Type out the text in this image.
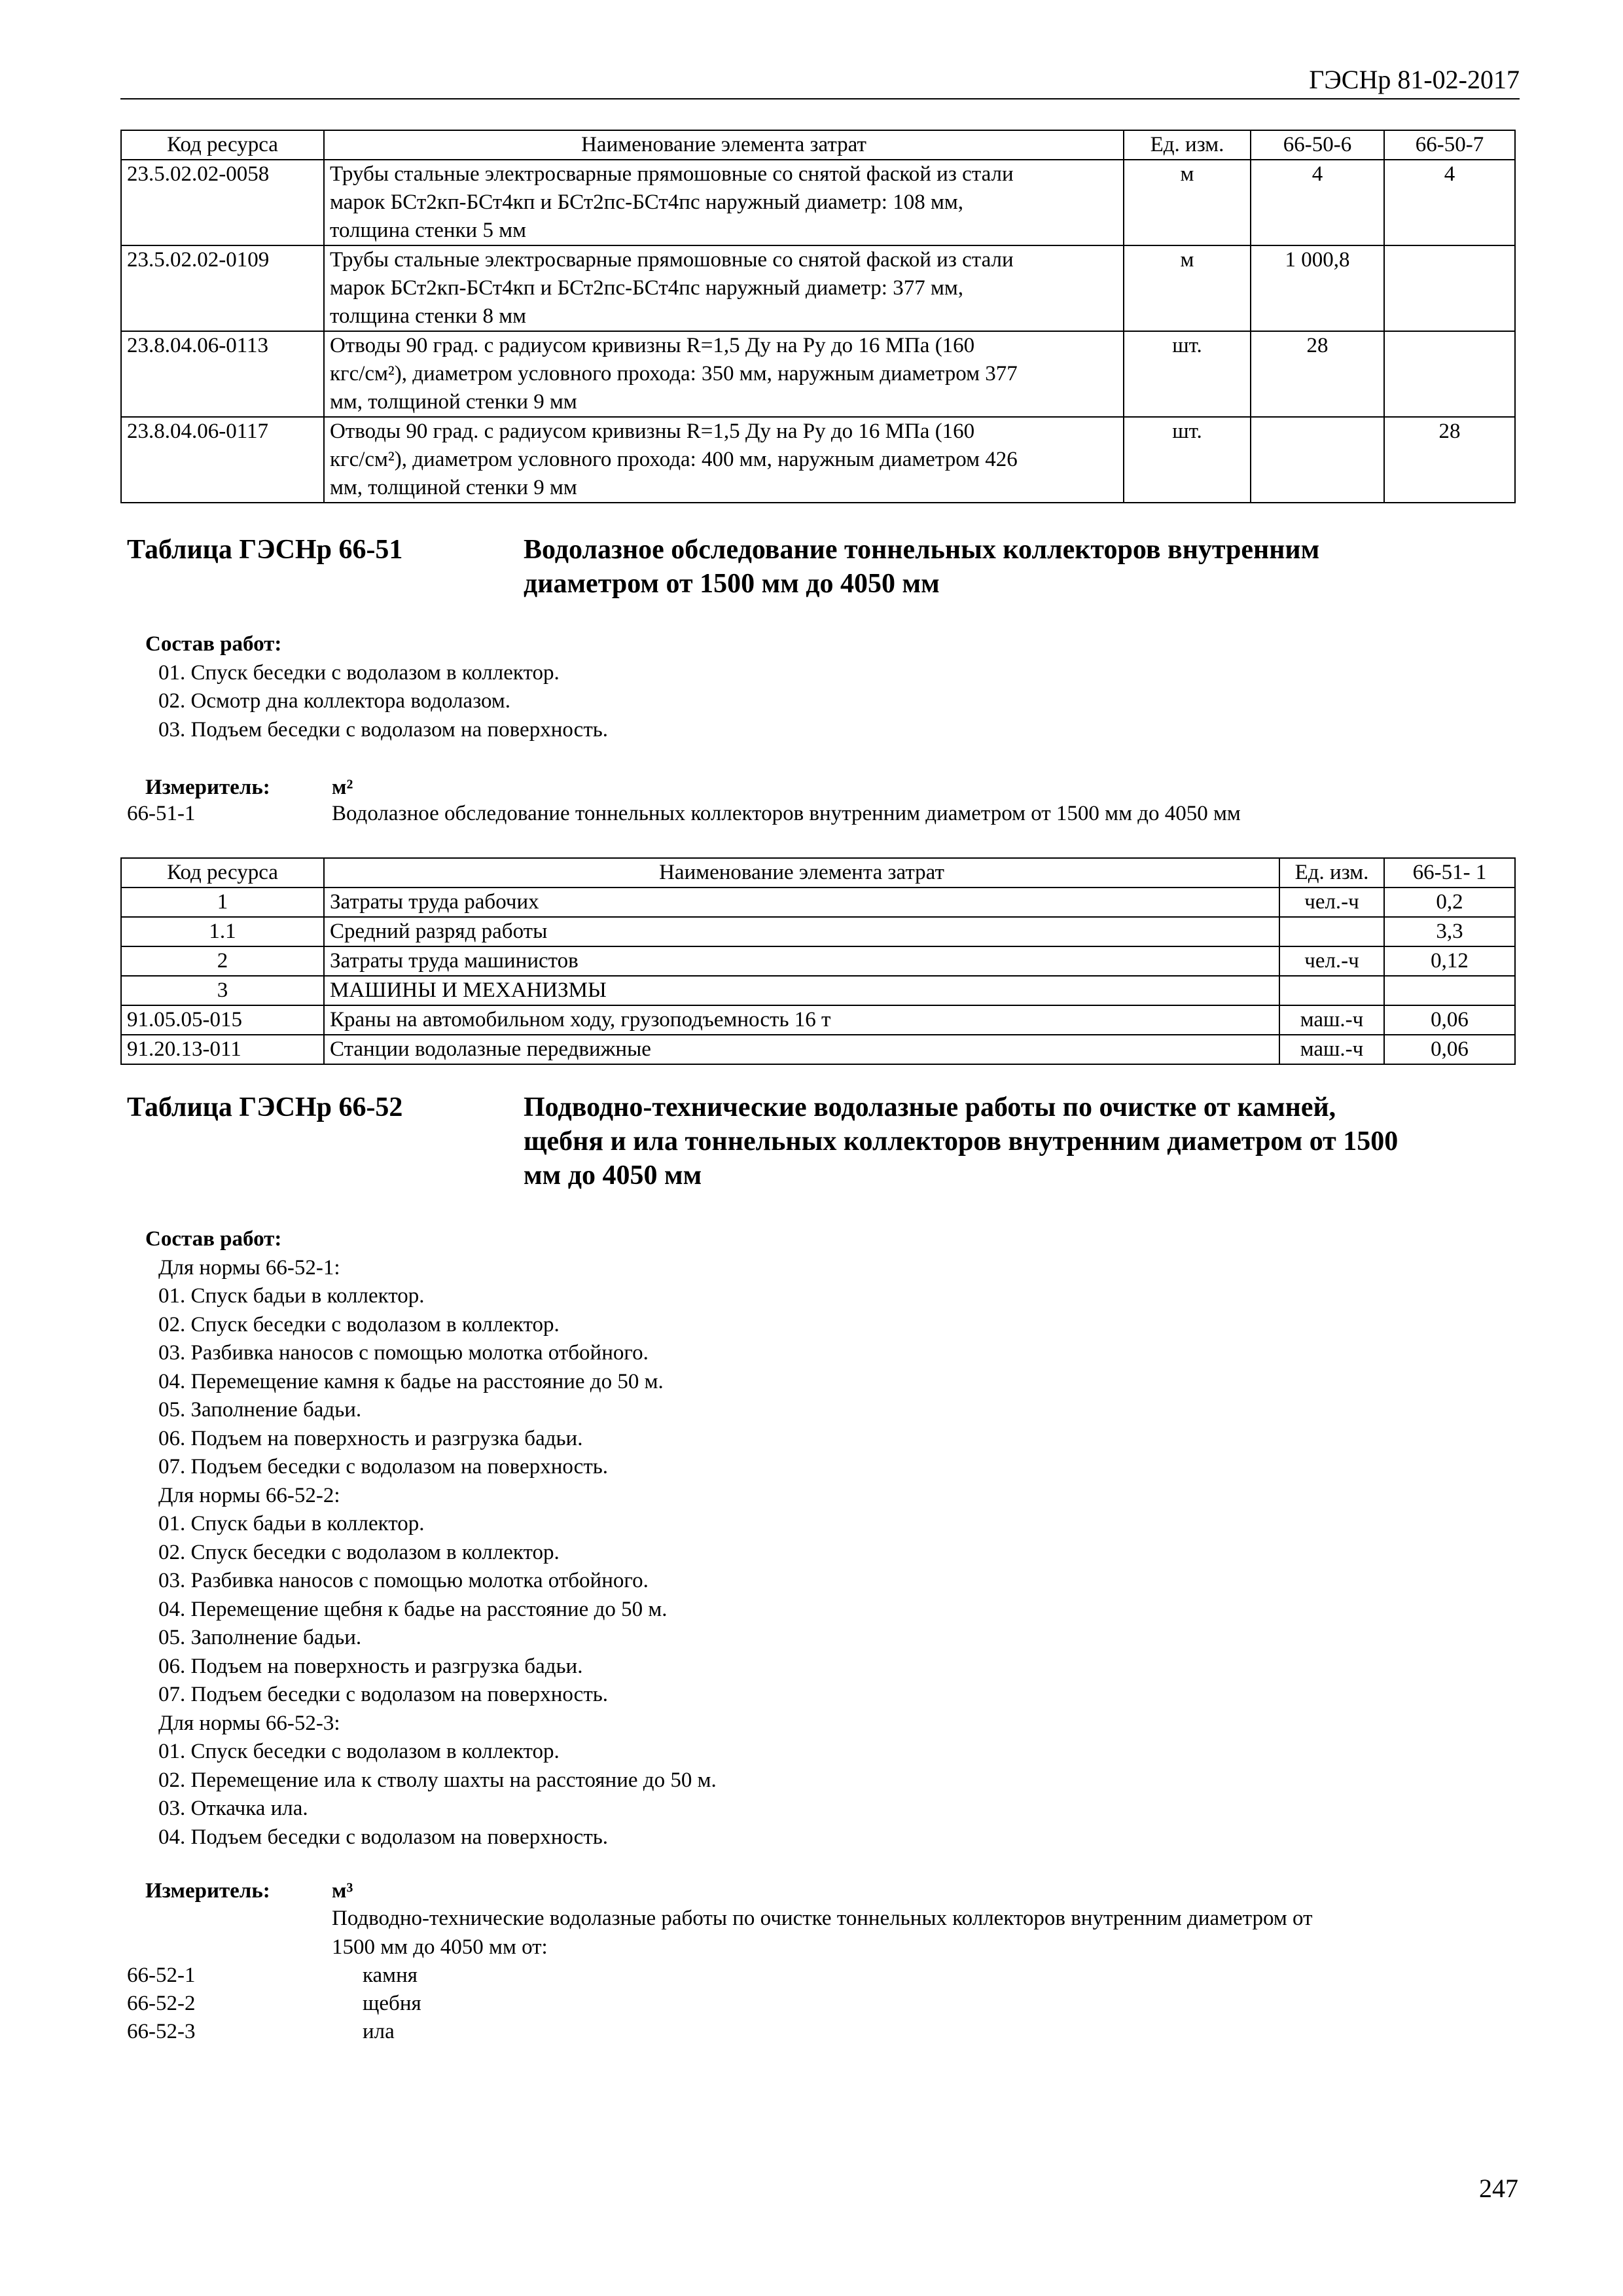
ГЭСНр 81-02-2017
Код ресурса	Наименование элемента затрат	Ед. изм.	66-50-6	66-50-7
23.5.02.02-0058	Трубы стальные электросварные прямошовные со снятой фаской из стали
марок БСт2кп-БСт4кп и БСт2пс-БСт4пс наружный диаметр: 108 мм,
толщина стенки 5 мм	м	4	4
23.5.02.02-0109	Трубы стальные электросварные прямошовные со снятой фаской из стали
марок БСт2кп-БСт4кп и БСт2пс-БСт4пс наружный диаметр: 377 мм,
толщина стенки 8 мм	м	1 000,8	
23.8.04.06-0113	Отводы 90 град. с радиусом кривизны R=1,5 Ду на Ру до 16 МПа (160
кгс/см²), диаметром условного прохода: 350 мм, наружным диаметром 377
мм, толщиной стенки 9 мм	шт.	28	
23.8.04.06-0117	Отводы 90 град. с радиусом кривизны R=1,5 Ду на Ру до 16 МПа (160
кгс/см²), диаметром условного прохода: 400 мм, наружным диаметром 426
мм, толщиной стенки 9 мм	шт.		28
Таблица ГЭСНр 66-51	Водолазное обследование тоннельных коллекторов внутренним
диаметром от 1500 мм до 4050 мм
Состав работ:
01. Спуск беседки с водолазом в коллектор.
02. Осмотр дна коллектора водолазом.
03. Подъем беседки с водолазом на поверхность.
Измеритель:	м²
66-51-1	Водолазное обследование тоннельных коллекторов внутренним диаметром от 1500 мм до 4050 мм
Код ресурса	Наименование элемента затрат	Ед. изм.	66-51- 1
1	Затраты труда рабочих	чел.-ч	0,2
1.1	Средний разряд работы		3,3
2	Затраты труда машинистов	чел.-ч	0,12
3	МАШИНЫ И МЕХАНИЗМЫ		
91.05.05-015	Краны на автомобильном ходу, грузоподъемность 16 т	маш.-ч	0,06
91.20.13-011	Станции водолазные передвижные	маш.-ч	0,06
Таблица ГЭСНр 66-52	Подводно-технические водолазные работы по очистке от камней,
щебня и ила тоннельных коллекторов внутренним диаметром от 1500
мм до 4050 мм
Состав работ:
Для нормы 66-52-1:
01. Спуск бадьи в коллектор.
02. Спуск беседки с водолазом в коллектор.
03. Разбивка наносов с помощью молотка отбойного.
04. Перемещение камня к бадье на расстояние до 50 м.
05. Заполнение бадьи.
06. Подъем на поверхность и разгрузка бадьи.
07. Подъем беседки с водолазом на поверхность.
Для нормы 66-52-2:
01. Спуск бадьи в коллектор.
02. Спуск беседки с водолазом в коллектор.
03. Разбивка наносов с помощью молотка отбойного.
04. Перемещение щебня к бадье на расстояние до 50 м.
05. Заполнение бадьи.
06. Подъем на поверхность и разгрузка бадьи.
07. Подъем беседки с водолазом на поверхность.
Для нормы 66-52-3:
01. Спуск беседки с водолазом в коллектор.
02. Перемещение ила к стволу шахты на расстояние до 50 м.
03. Откачка ила.
04. Подъем беседки с водолазом на поверхность.
Измеритель:	м³
Подводно-технические водолазные работы по очистке тоннельных коллекторов внутренним диаметром от
1500 мм до 4050 мм от:
66-52-1	камня
66-52-2	щебня
66-52-3	ила
247
